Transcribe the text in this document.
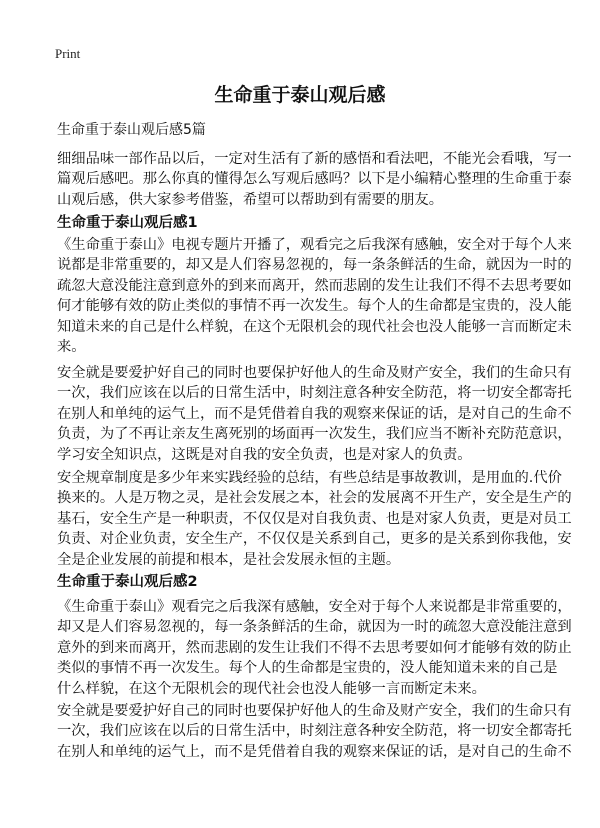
Print
生命重于泰山观后感
生命重于泰山观后感5篇
细细品味一部作品以后，一定对生活有了新的感悟和看法吧，不能光会看哦，写一
篇观后感吧。那么你真的懂得怎么写观后感吗？以下是小编精心整理的生命重于泰
山观后感，供大家参考借鉴，希望可以帮助到有需要的朋友。
生命重于泰山观后感1
《生命重于泰山》电视专题片开播了，观看完之后我深有感触，安全对于每个人来
说都是非常重要的，却又是人们容易忽视的，每一条条鲜活的生命，就因为一时的
疏忽大意没能注意到意外的到来而离开，然而悲剧的发生让我们不得不去思考要如
何才能够有效的防止类似的事情不再一次发生。每个人的生命都是宝贵的，没人能
知道未来的自己是什么样貌，在这个无限机会的现代社会也没人能够一言而断定未
来。
安全就是要爱护好自己的同时也要保护好他人的生命及财产安全，我们的生命只有
一次，我们应该在以后的日常生活中，时刻注意各种安全防范，将一切安全都寄托
在别人和单纯的运气上，而不是凭借着自我的观察来保证的话，是对自己的生命不
负责，为了不再让亲友生离死别的场面再一次发生，我们应当不断补充防范意识，
学习安全知识点，这既是对自我的安全负责，也是对家人的负责。
安全规章制度是多少年来实践经验的总结，有些总结是事故教训，是用血的.代价
换来的。人是万物之灵，是社会发展之本，社会的发展离不开生产，安全是生产的
基石，安全生产是一种职责，不仅仅是对自我负责、也是对家人负责，更是对员工
负责、对企业负责，安全生产，不仅仅是关系到自己，更多的是关系到你我他，安
全是企业发展的前提和根本，是社会发展永恒的主题。
生命重于泰山观后感2
《生命重于泰山》观看完之后我深有感触，安全对于每个人来说都是非常重要的，
却又是人们容易忽视的，每一条条鲜活的生命，就因为一时的疏忽大意没能注意到
意外的到来而离开，然而悲剧的发生让我们不得不去思考要如何才能够有效的防止
类似的事情不再一次发生。每个人的生命都是宝贵的，没人能知道未来的自己是
什么样貌，在这个无限机会的现代社会也没人能够一言而断定未来。
安全就是要爱护好自己的同时也要保护好他人的生命及财产安全，我们的生命只有
一次，我们应该在以后的日常生活中，时刻注意各种安全防范，将一切安全都寄托
在别人和单纯的运气上，而不是凭借着自我的观察来保证的话，是对自己的生命不
